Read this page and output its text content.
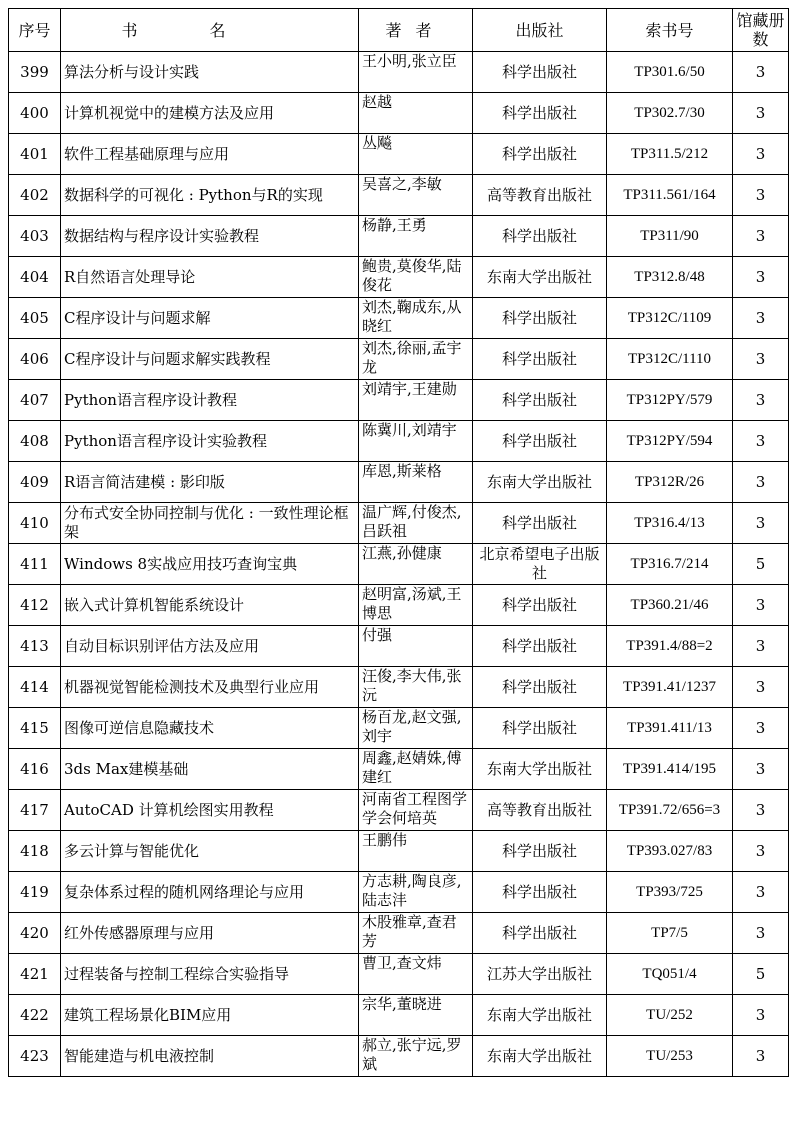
序号	书名	著者	出版社	索书号	馆藏册数
399	算法分析与设计实践	王小明,张立臣	科学出版社	TP301.6/50	3
400	计算机视觉中的建模方法及应用	赵越	科学出版社	TP302.7/30	3
401	软件工程基础原理与应用	丛飚	科学出版社	TP311.5/212	3
402	数据科学的可视化 : Python与R的实现	吴喜之,李敏	高等教育出版社	TP311.561/164	3
403	数据结构与程序设计实验教程	杨静,王勇	科学出版社	TP311/90	3
404	R自然语言处理导论	鲍贵,莫俊华,陆俊花	东南大学出版社	TP312.8/48	3
405	C程序设计与问题求解	刘杰,鞠成东,从晓红	科学出版社	TP312C/1109	3
406	C程序设计与问题求解实践教程	刘杰,徐丽,孟宇龙	科学出版社	TP312C/1110	3
407	Python语言程序设计教程	刘靖宇,王建勋	科学出版社	TP312PY/579	3
408	Python语言程序设计实验教程	陈冀川,刘靖宇	科学出版社	TP312PY/594	3
409	R语言简洁建模 : 影印版	库恩,斯莱格	东南大学出版社	TP312R/26	3
410	分布式安全协同控制与优化 : 一致性理论框架	温广辉,付俊杰,吕跃祖	科学出版社	TP316.4/13	3
411	Windows 8实战应用技巧查询宝典	江燕,孙健康	北京希望电子出版社	TP316.7/214	5
412	嵌入式计算机智能系统设计	赵明富,汤斌,王博思	科学出版社	TP360.21/46	3
413	自动目标识别评估方法及应用	付强	科学出版社	TP391.4/88=2	3
414	机器视觉智能检测技术及典型行业应用	汪俊,李大伟,张沅	科学出版社	TP391.41/1237	3
415	图像可逆信息隐藏技术	杨百龙,赵文强,刘宇	科学出版社	TP391.411/13	3
416	3ds Max建模基础	周鑫,赵婧姝,傅建红	东南大学出版社	TP391.414/195	3
417	AutoCAD 计算机绘图实用教程	河南省工程图学学会何培英	高等教育出版社	TP391.72/656=3	3
418	多云计算与智能优化	王鹏伟	科学出版社	TP393.027/83	3
419	复杂体系过程的随机网络理论与应用	方志耕,陶良彦,陆志沣	科学出版社	TP393/725	3
420	红外传感器原理与应用	木股雅章,查君芳	科学出版社	TP7/5	3
421	过程装备与控制工程综合实验指导	曹卫,查文炜	江苏大学出版社	TQ051/4	5
422	建筑工程场景化BIM应用	宗华,董晓进	东南大学出版社	TU/252	3
423	智能建造与机电液控制	郝立,张宁远,罗斌	东南大学出版社	TU/253	3
